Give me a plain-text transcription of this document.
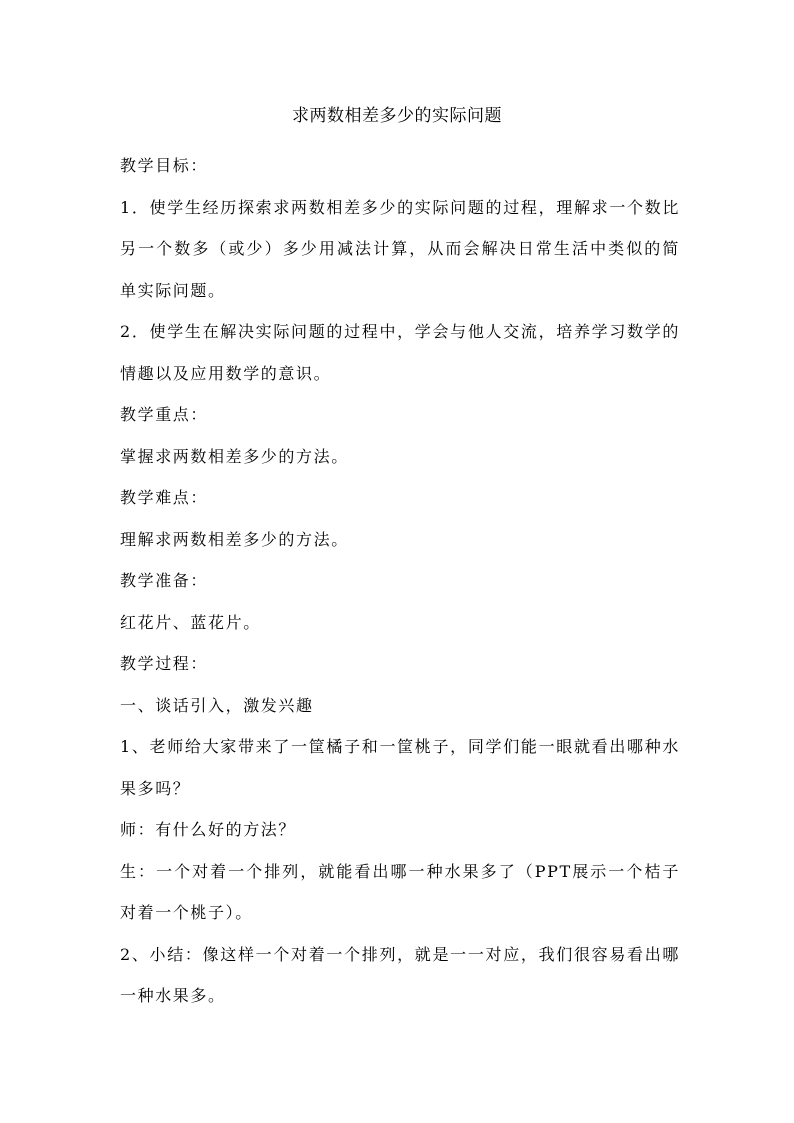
求两数相差多少的实际问题

教学目标：

1．使学生经历探索求两数相差多少的实际问题的过程，理解求一个数比另一个数多（或少）多少用减法计算，从而会解决日常生活中类似的简单实际问题。

2．使学生在解决实际问题的过程中，学会与他人交流，培养学习数学的情趣以及应用数学的意识。

教学重点：

掌握求两数相差多少的方法。

教学难点：

理解求两数相差多少的方法。

教学准备：

红花片、蓝花片。

教学过程：

一、谈话引入，激发兴趣

1、老师给大家带来了一筐橘子和一筐桃子，同学们能一眼就看出哪种水果多吗？

师：有什么好的方法？

生：一个对着一个排列，就能看出哪一种水果多了（PPT展示一个桔子对着一个桃子）。

2、小结：像这样一个对着一个排列，就是一一对应，我们很容易看出哪一种水果多。
